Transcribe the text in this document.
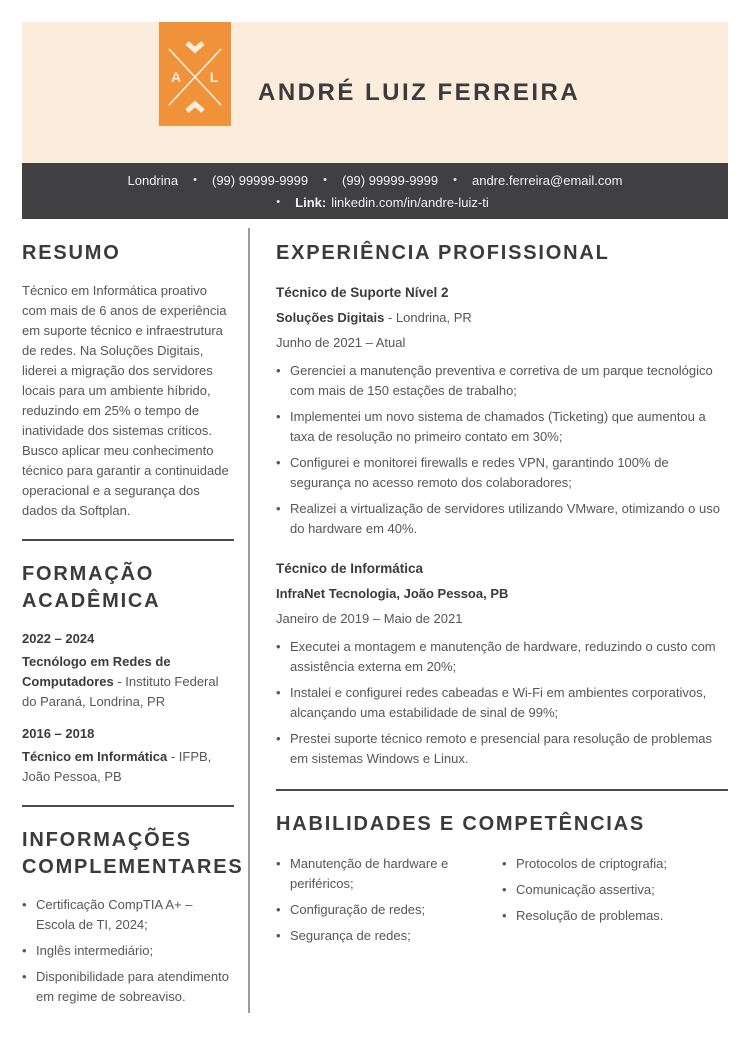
A L
ANDRÉ LUIZ FERREIRA
Londrina • (99) 99999-9999 • (99) 99999-9999 • andre.ferreira@email.com
• Link: linkedin.com/in/andre-luiz-ti
RESUMO

Técnico em Informática proativo com mais de 6 anos de experiência em suporte técnico e infraestrutura de redes. Na Soluções Digitais, liderei a migração dos servidores locais para um ambiente híbrido, reduzindo em 25% o tempo de inatividade dos sistemas críticos. Busco aplicar meu conhecimento técnico para garantir a continuidade operacional e a segurança dos dados da Softplan.

FORMAÇÃO ACADÊMICA

2022 – 2024

Tecnólogo em Redes de Computadores - Instituto Federal do Paraná, Londrina, PR

2016 – 2018

Técnico em Informática - IFPB, João Pessoa, PB

INFORMAÇÕES COMPLEMENTARES
• Certificação CompTIA A+ – Escola de TI, 2024;
• Inglês intermediário;
• Disponibilidade para atendimento em regime de sobreaviso.
EXPERIÊNCIA PROFISSIONAL
Técnico de Suporte Nível 2

Soluções Digitais - Londrina, PR

Junho de 2021 – Atual

• Gerenciei a manutenção preventiva e corretiva de um parque tecnológico com mais de 150 estações de trabalho;
• Implementei um novo sistema de chamados (Ticketing) que aumentou a taxa de resolução no primeiro contato em 30%;
• Configurei e monitorei firewalls e redes VPN, garantindo 100% de segurança no acesso remoto dos colaboradores;
• Realizei a virtualização de servidores utilizando VMware, otimizando o uso do hardware em 40%.
Técnico de Informática

InfraNet Tecnologia, João Pessoa, PB

Janeiro de 2019 – Maio de 2021

• Executei a montagem e manutenção de hardware, reduzindo o custo com assistência externa em 20%;
• Instalei e configurei redes cabeadas e Wi-Fi em ambientes corporativos, alcançando uma estabilidade de sinal de 99%;
• Prestei suporte técnico remoto e presencial para resolução de problemas em sistemas Windows e Linux.
HABILIDADES E COMPETÊNCIAS
• Manutenção de hardware e periféricos;
• Configuração de redes;
• Segurança de redes;
• Protocolos de criptografia;
• Comunicação assertiva;
• Resolução de problemas.
